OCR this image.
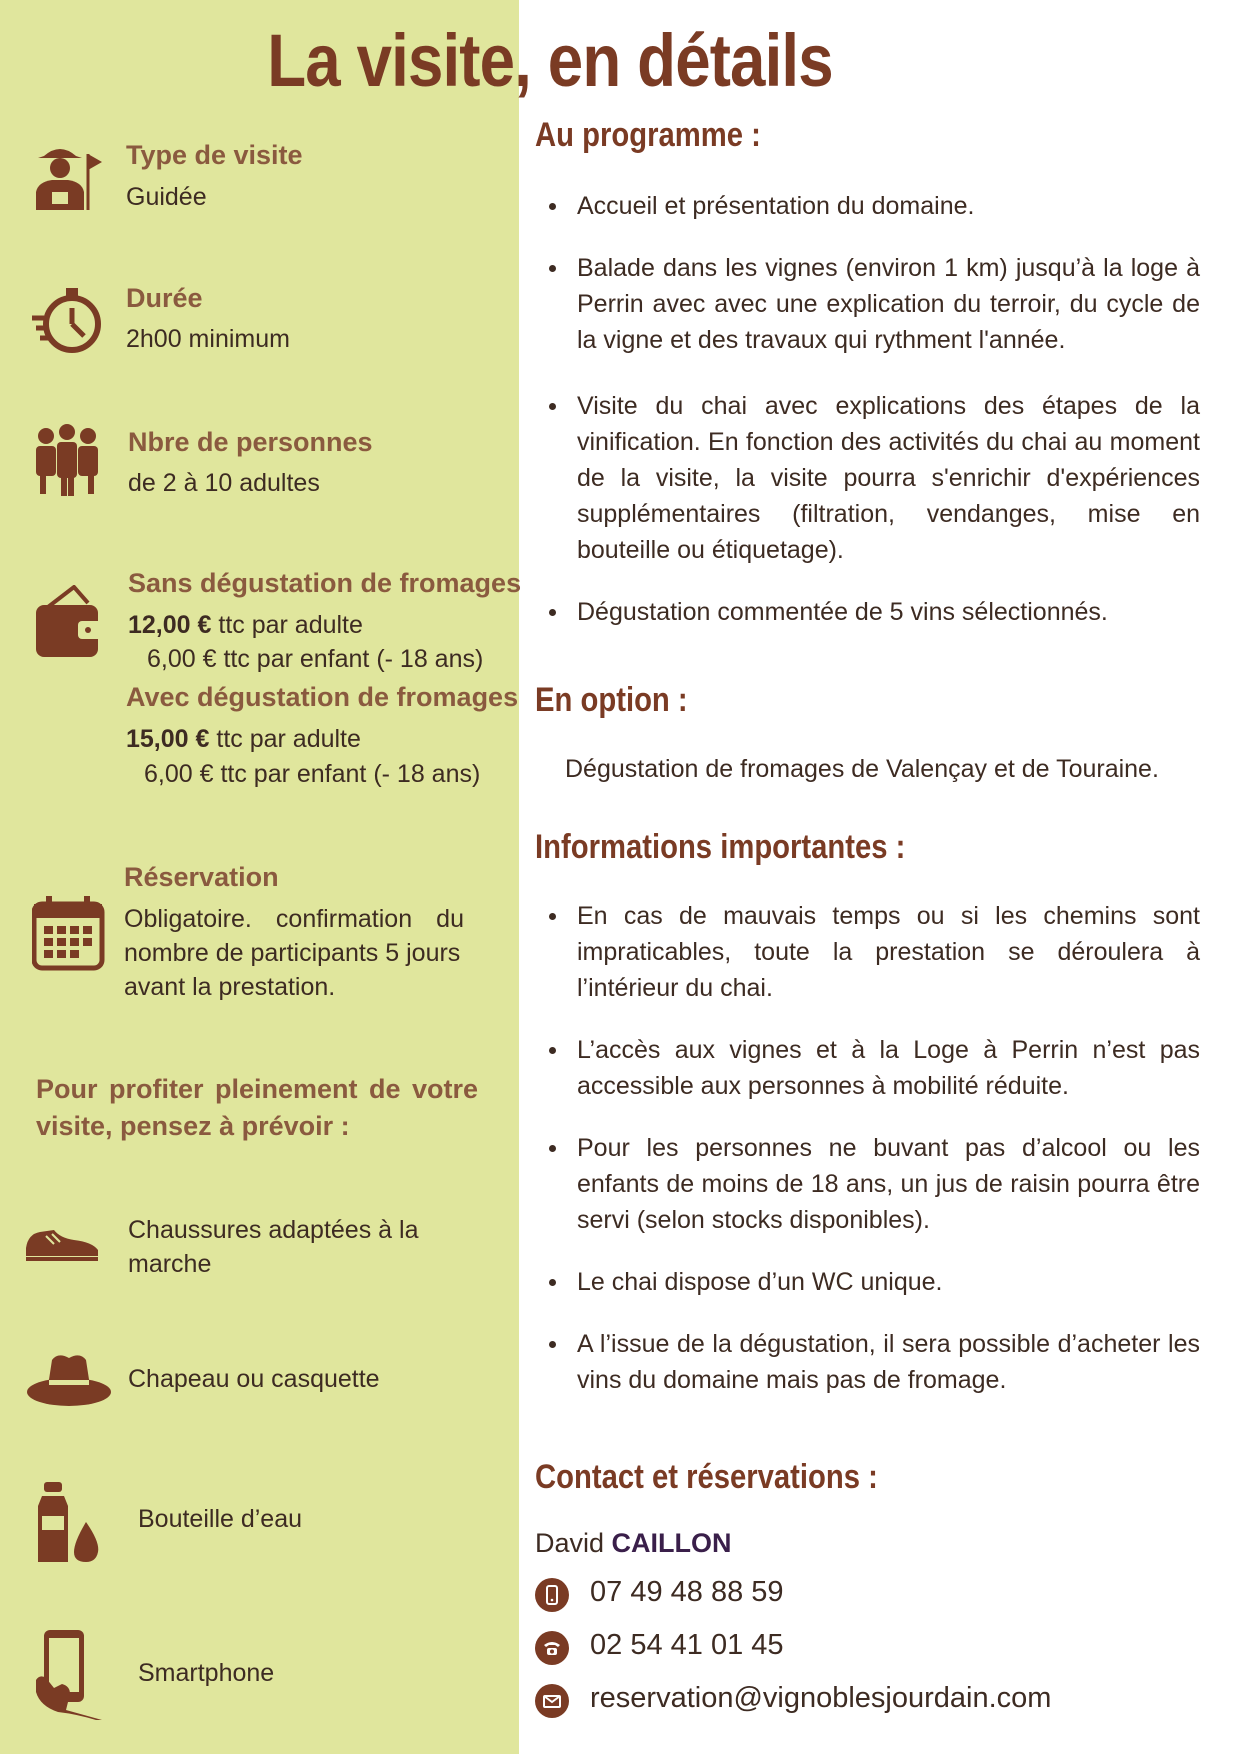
La visite, en détails
Type de visite
Guidée
Durée
2h00 minimum
Nbre de personnes
de 2 à 10 adultes
Sans dégustation de fromages
12,00 € ttc par adulte
6,00 € ttc par enfant (- 18 ans)
Avec dégustation de fromages
15,00 € ttc par adulte
6,00 € ttc par enfant (- 18 ans)
Réservation
Obligatoire. confirmation du
nombre de participants 5 jours
avant la prestation.
Pour profiter pleinement de votre
visite, pensez à prévoir :
Chaussures adaptées à la
marche
Chapeau ou casquette
Bouteille d’eau
Smartphone
Au programme :
Accueil et présentation du domaine.
Balade dans les vignes (environ 1 km) jusqu’à la loge à Perrin avec avec une explication du terroir, du cycle de la vigne et des travaux qui rythment l'année.
Visite du chai avec explications des étapes de la vinification. En fonction des activités du chai au moment de la visite, la visite pourra s'enrichir d'expériences supplémentaires (filtration, vendanges, mise en bouteille ou étiquetage).
Dégustation commentée de 5 vins sélectionnés.
En option :
Dégustation de fromages de Valençay et de Touraine.
Informations importantes :
En cas de mauvais temps ou si les chemins sont impraticables, toute la prestation se déroulera à l’intérieur du chai.
L’accès aux vignes et à la Loge à Perrin n’est pas accessible aux personnes à mobilité réduite.
Pour les personnes ne buvant pas d’alcool ou les enfants de moins de 18 ans, un jus de raisin pourra être servi (selon stocks disponibles).
Le chai dispose d’un WC unique.
A l’issue de la dégustation, il sera possible d’acheter les vins du domaine mais pas de fromage.
Contact et réservations :
David CAILLON
07 49 48 88 59
02 54 41 01 45
reservation@vignoblesjourdain.com
